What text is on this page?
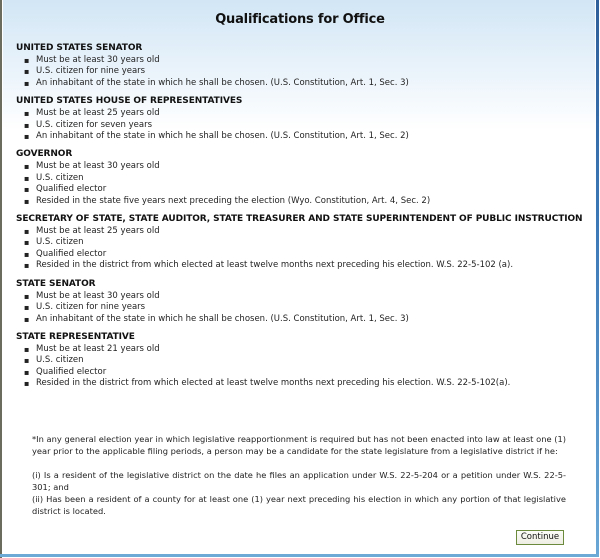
Qualifications for Office
UNITED STATES SENATOR
▪ Must be at least 30 years old
▪ U.S. citizen for nine years
▪ An inhabitant of the state in which he shall be chosen. (U.S. Constitution, Art. 1, Sec. 3)
UNITED STATES HOUSE OF REPRESENTATIVES
▪ Must be at least 25 years old
▪ U.S. citizen for seven years
▪ An inhabitant of the state in which he shall be chosen. (U.S. Constitution, Art. 1, Sec. 2)
GOVERNOR
▪ Must be at least 30 years old
▪ U.S. citizen
▪ Qualified elector
▪ Resided in the state five years next preceding the election (Wyo. Constitution, Art. 4, Sec. 2)
SECRETARY OF STATE, STATE AUDITOR, STATE TREASURER AND STATE SUPERINTENDENT OF PUBLIC INSTRUCTION
▪ Must be at least 25 years old
▪ U.S. citizen
▪ Qualified elector
▪ Resided in the district from which elected at least twelve months next preceding his election. W.S. 22-5-102 (a).
STATE SENATOR
▪ Must be at least 30 years old
▪ U.S. citizen for nine years
▪ An inhabitant of the state in which he shall be chosen. (U.S. Constitution, Art. 1, Sec. 3)
STATE REPRESENTATIVE
▪ Must be at least 21 years old
▪ U.S. citizen
▪ Qualified elector
▪ Resided in the district from which elected at least twelve months next preceding his election. W.S. 22-5-102(a).

*In any general election year in which legislative reapportionment is required but has not been enacted into law at least one (1) year prior to the applicable filing periods, a person may be a candidate for the state legislature from a legislative district if he:

(i) Is a resident of the legislative district on the date he files an application under W.S. 22-5-204 or a petition under W.S. 22-5-301; and

(ii) Has been a resident of a county for at least one (1) year next preceding his election in which any portion of that legislative district is located.

Continue
